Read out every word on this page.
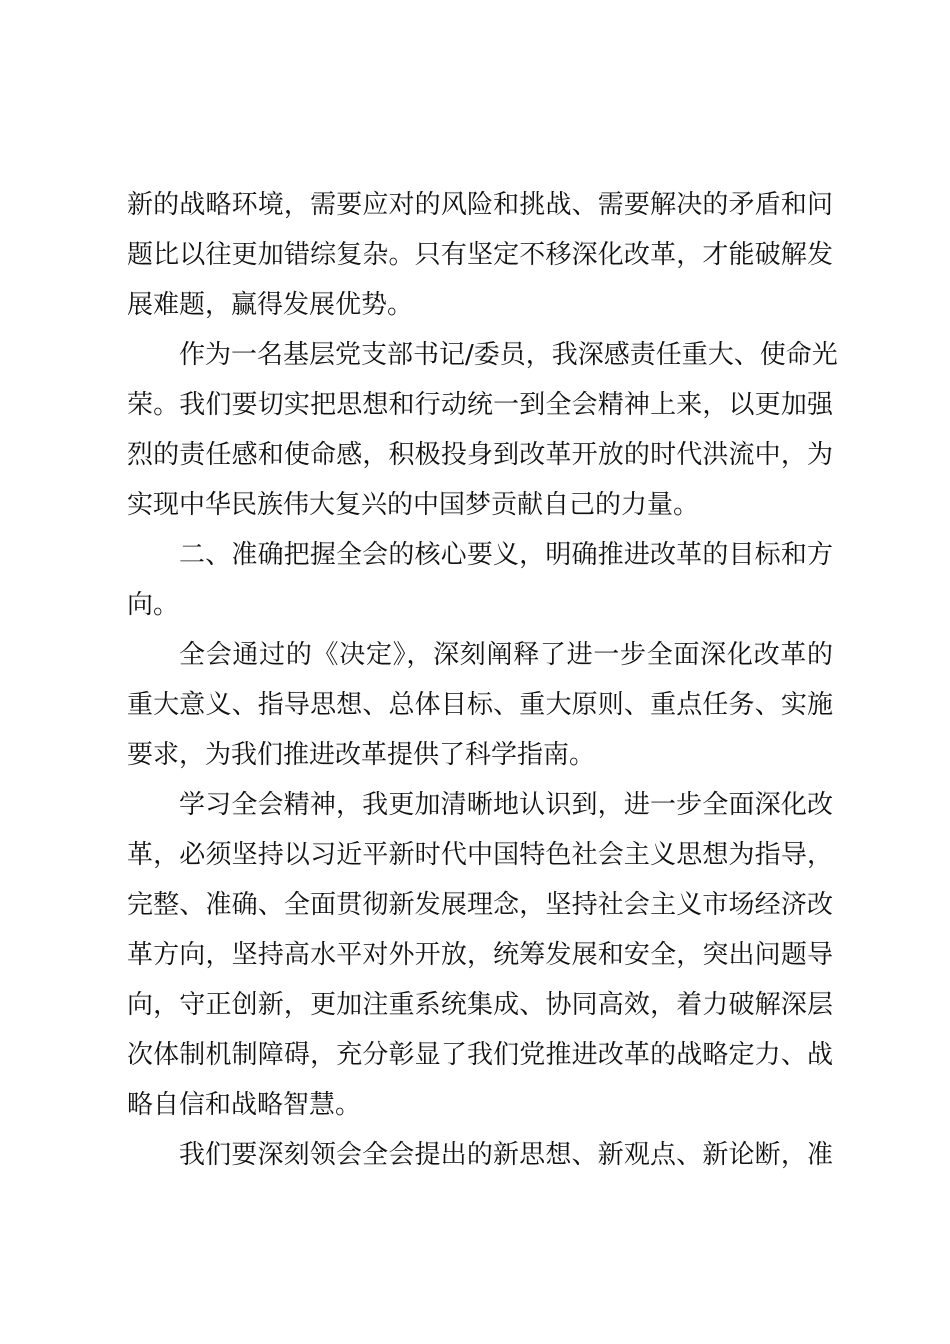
新的战略环境，需要应对的风险和挑战、需要解决的矛盾和问
题比以往更加错综复杂。只有坚定不移深化改革，才能破解发
展难题，赢得发展优势。
作为一名基层党支部书记/委员，我深感责任重大、使命光
荣。我们要切实把思想和行动统一到全会精神上来，以更加强
烈的责任感和使命感，积极投身到改革开放的时代洪流中，为
实现中华民族伟大复兴的中国梦贡献自己的力量。
二、准确把握全会的核心要义，明确推进改革的目标和方
向。
全会通过的《决定》，深刻阐释了进一步全面深化改革的
重大意义、指导思想、总体目标、重大原则、重点任务、实施
要求，为我们推进改革提供了科学指南。
学习全会精神，我更加清晰地认识到，进一步全面深化改
革，必须坚持以习近平新时代中国特色社会主义思想为指导，
完整、准确、全面贯彻新发展理念，坚持社会主义市场经济改
革方向，坚持高水平对外开放，统筹发展和安全，突出问题导
向，守正创新，更加注重系统集成、协同高效，着力破解深层
次体制机制障碍，充分彰显了我们党推进改革的战略定力、战
略自信和战略智慧。
我们要深刻领会全会提出的新思想、新观点、新论断，准
